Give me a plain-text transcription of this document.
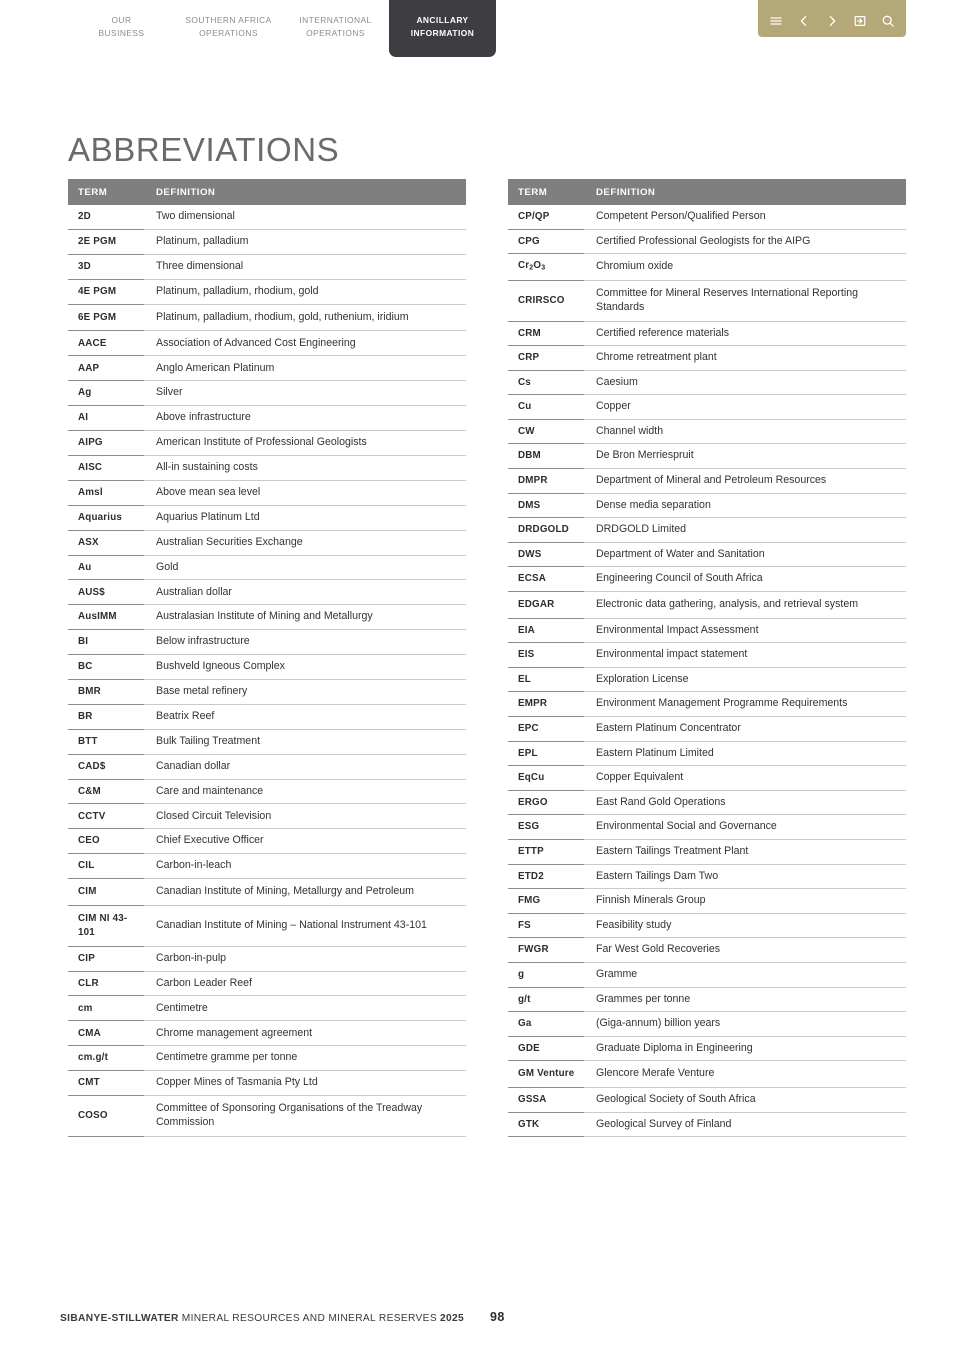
OUR
BUSINESS
SOUTHERN AFRICA
OPERATIONS
INTERNATIONAL
OPERATIONS
ANCILLARY
INFORMATION
ABBREVIATIONS
TERM	DEFINITION
2D	Two dimensional
2E PGM	Platinum, palladium
3D	Three dimensional
4E PGM	Platinum, palladium, rhodium, gold
6E PGM	Platinum, palladium, rhodium, gold, ruthenium, iridium
AACE	Association of Advanced Cost Engineering
AAP	Anglo American Platinum
Ag	Silver
AI	Above infrastructure
AIPG	American Institute of Professional Geologists
AISC	All-in sustaining costs
Amsl	Above mean sea level
Aquarius	Aquarius Platinum Ltd
ASX	Australian Securities Exchange
Au	Gold
AUS$	Australian dollar
AusIMM	Australasian Institute of Mining and Metallurgy
BI	Below infrastructure
BC	Bushveld Igneous Complex
BMR	Base metal refinery
BR	Beatrix Reef
BTT	Bulk Tailing Treatment
CAD$	Canadian dollar
C&M	Care and maintenance
CCTV	Closed Circuit Television
CEO	Chief Executive Officer
CIL	Carbon-in-leach
CIM	Canadian Institute of Mining, Metallurgy and Petroleum
CIM NI 43-101	Canadian Institute of Mining – National Instrument 43-101
CIP	Carbon-in-pulp
CLR	Carbon Leader Reef
cm	Centimetre
CMA	Chrome management agreement
cm.g/t	Centimetre gramme per tonne
CMT	Copper Mines of Tasmania Pty Ltd
COSO	Committee of Sponsoring Organisations of the Treadway Commission
TERM	DEFINITION
CP/QP	Competent Person/Qualified Person
CPG	Certified Professional Geologists for the AIPG
$Cr_2O_3$	Chromium oxide
CRIRSCO	Committee for Mineral Reserves International Reporting Standards
CRM	Certified reference materials
CRP	Chrome retreatment plant
Cs	Caesium
Cu	Copper
CW	Channel width
DBM	De Bron Merriespruit
DMPR	Department of Mineral and Petroleum Resources
DMS	Dense media separation
DRDGOLD	DRDGOLD Limited
DWS	Department of Water and Sanitation
ECSA	Engineering Council of South Africa
EDGAR	Electronic data gathering, analysis, and retrieval system
EIA	Environmental Impact Assessment
EIS	Environmental impact statement
EL	Exploration License
EMPR	Environment Management Programme Requirements
EPC	Eastern Platinum Concentrator
EPL	Eastern Platinum Limited
EqCu	Copper Equivalent
ERGO	East Rand Gold Operations
ESG	Environmental Social and Governance
ETTP	Eastern Tailings Treatment Plant
ETD2	Eastern Tailings Dam Two
FMG	Finnish Minerals Group
FS	Feasibility study
FWGR	Far West Gold Recoveries
g	Gramme
g/t	Grammes per tonne
Ga	(Giga-annum) billion years
GDE	Graduate Diploma in Engineering
GM Venture	Glencore Merafe Venture
GSSA	Geological Society of South Africa
GTK	Geological Survey of Finland
SIBANYE-STILLWATER MINERAL RESOURCES AND MINERAL RESERVES 2025	98
